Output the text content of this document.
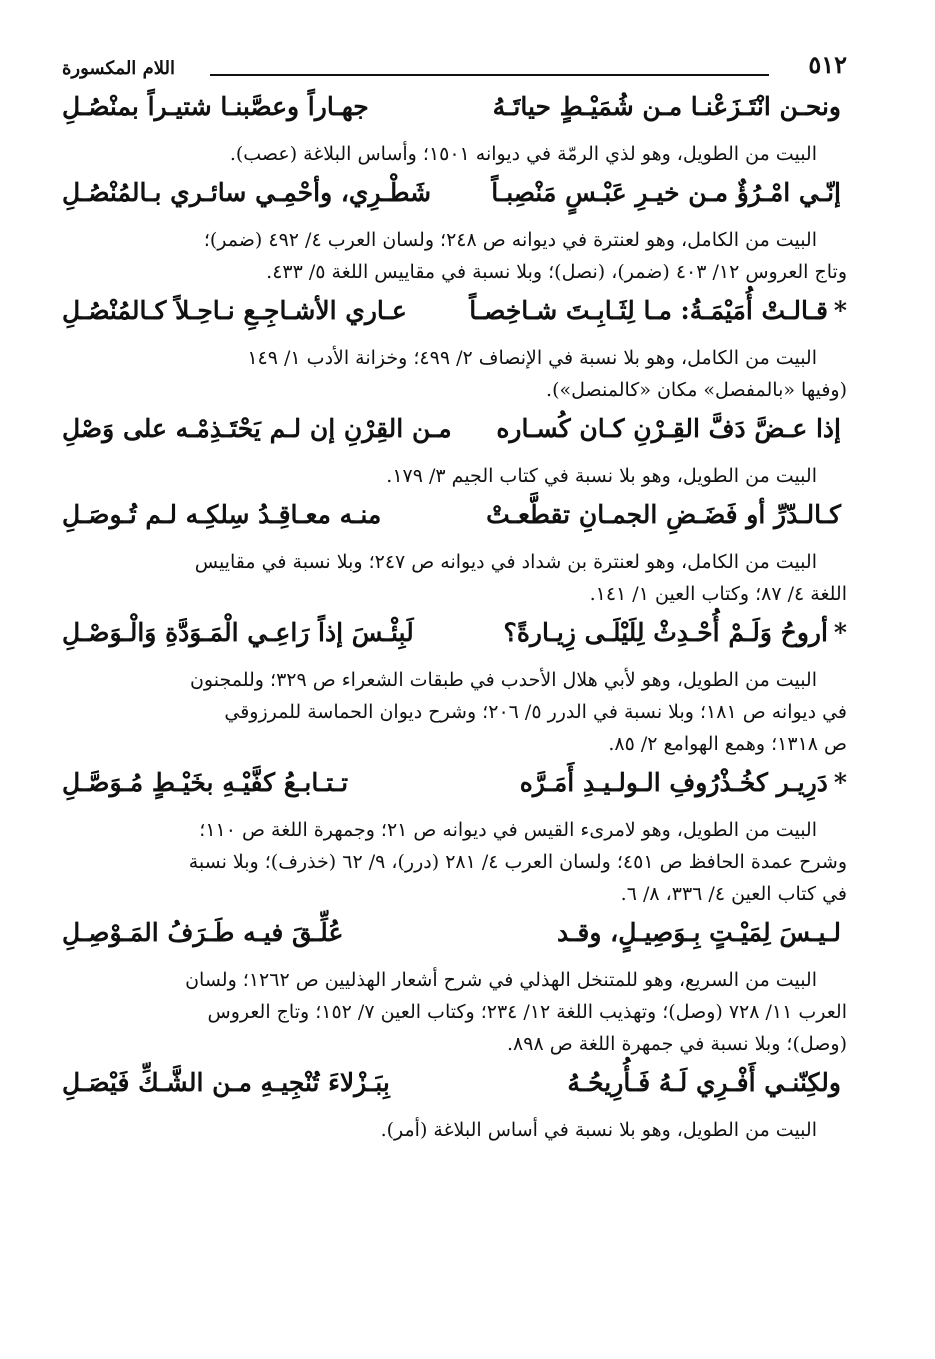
٥١٢
اللام المكسورة
ونحـن انْتَـزَعْنـا مـن شُمَيْـطٍ حياتَـهُ
جهـاراً وعصَّبنـا شتيـراً بمنْصُـلِ
البيت من الطويل، وهو لذي الرمّة في ديوانه ١٥٠١؛ وأساس البلاغة (عصب).
إنّـي امْـرُؤٌ مـن خيـرِ عَبْـسٍ مَنْصِبـاً
شَطْـرِي، وأحْمِـي سائـري بـالمُنْصُـلِ
البيت من الكامل، وهو لعنترة في ديوانه ص ٢٤٨؛ ولسان العرب ٤/ ٤٩٢ (ضمر)؛
وتاج العروس ١٢/ ٤٠٣ (ضمر)، (نصل)؛ وبلا نسبة في مقاييس اللغة ٥/ ٤٣٣.
*قـالـتْ أُمَيْمَـةُ: مـا لِثَـابِـتَ شـاخِصـاً
عـاري الأشـاجِـعِ نـاحِـلاً كـالمُنْصُـلِ
البيت من الكامل، وهو بلا نسبة في الإنصاف ٢/ ٤٩٩؛ وخزانة الأدب ١/ ١٤٩
(وفيها «بالمفصل» مكان «كالمنصل»).
إذا عـضَّ دَفَّ القِـرْنِ كـان كُسـاره
مـن القِرْنِ إن لـم يَحْتَـذِمْـه على وَصْلِ
البيت من الطويل، وهو بلا نسبة في كتاب الجيم ٣/ ١٧٩.
كـالـدّرِّ أو فَضَـضِ الجمـانِ تقطَّعـتْ
منـه معـاقِـدُ سِلكِـه لـم تُـوصَـلِ
البيت من الكامل، وهو لعنترة بن شداد في ديوانه ص ٢٤٧؛ وبلا نسبة في مقاييس
اللغة ٤/ ٨٧؛ وكتاب العين ١/ ١٤١.
*أروحُ وَلَـمْ أُحْـدِثْ لِلَيْلَـى زِيـارةً؟
لَبِئْـسَ إذاً رَاعِـي الْمَـوَدَّةِ وَالْـوَصْـلِ
البيت من الطويل، وهو لأبي هلال الأحدب في طبقات الشعراء ص ٣٢٩؛ وللمجنون
في ديوانه ص ١٨١؛ وبلا نسبة في الدرر ٥/ ٢٠٦؛ وشرح ديوان الحماسة للمرزوقي
ص ١٣١٨؛ وهمع الهوامع ٢/ ٨٥.
*دَرِيـر كخُـذْرُوفِ الـولـيـدِ أَمَـرَّه
تـتـابـعُ كفَّيْـهِ بخَيْـطٍ مُـوَصَّـلِ
البيت من الطويل، وهو لامرىء القيس في ديوانه ص ٢١؛ وجمهرة اللغة ص ١١٠؛
وشرح عمدة الحافظ ص ٤٥١؛ ولسان العرب ٤/ ٢٨١ (درر)، ٩/ ٦٢ (خذرف)؛ وبلا نسبة
في كتاب العين ٤/ ٣٣٦، ٨/ ٦.
لـيـسَ لِمَيْـتٍ بِـوَصِيـلٍ، وقـد
عُلِّـقَ فيـه طَـرَفُ المَـوْصِـلِ
البيت من السريع، وهو للمتنخل الهذلي في شرح أشعار الهذليين ص ١٢٦٢؛ ولسان
العرب ١١/ ٧٢٨ (وصل)؛ وتهذيب اللغة ١٢/ ٢٣٤؛ وكتاب العين ٧/ ١٥٢؛ وتاج العروس
(وصل)؛ وبلا نسبة في جمهرة اللغة ص ٨٩٨.
ولكِنّنـي أَفْـرِي لَـهُ فَـأُرِيحُـهُ
بِبَـزْلاءَ تُنْجِيـهِ مـن الشَّـكِّ فَيْصَـلِ
البيت من الطويل، وهو بلا نسبة في أساس البلاغة (أمر).
